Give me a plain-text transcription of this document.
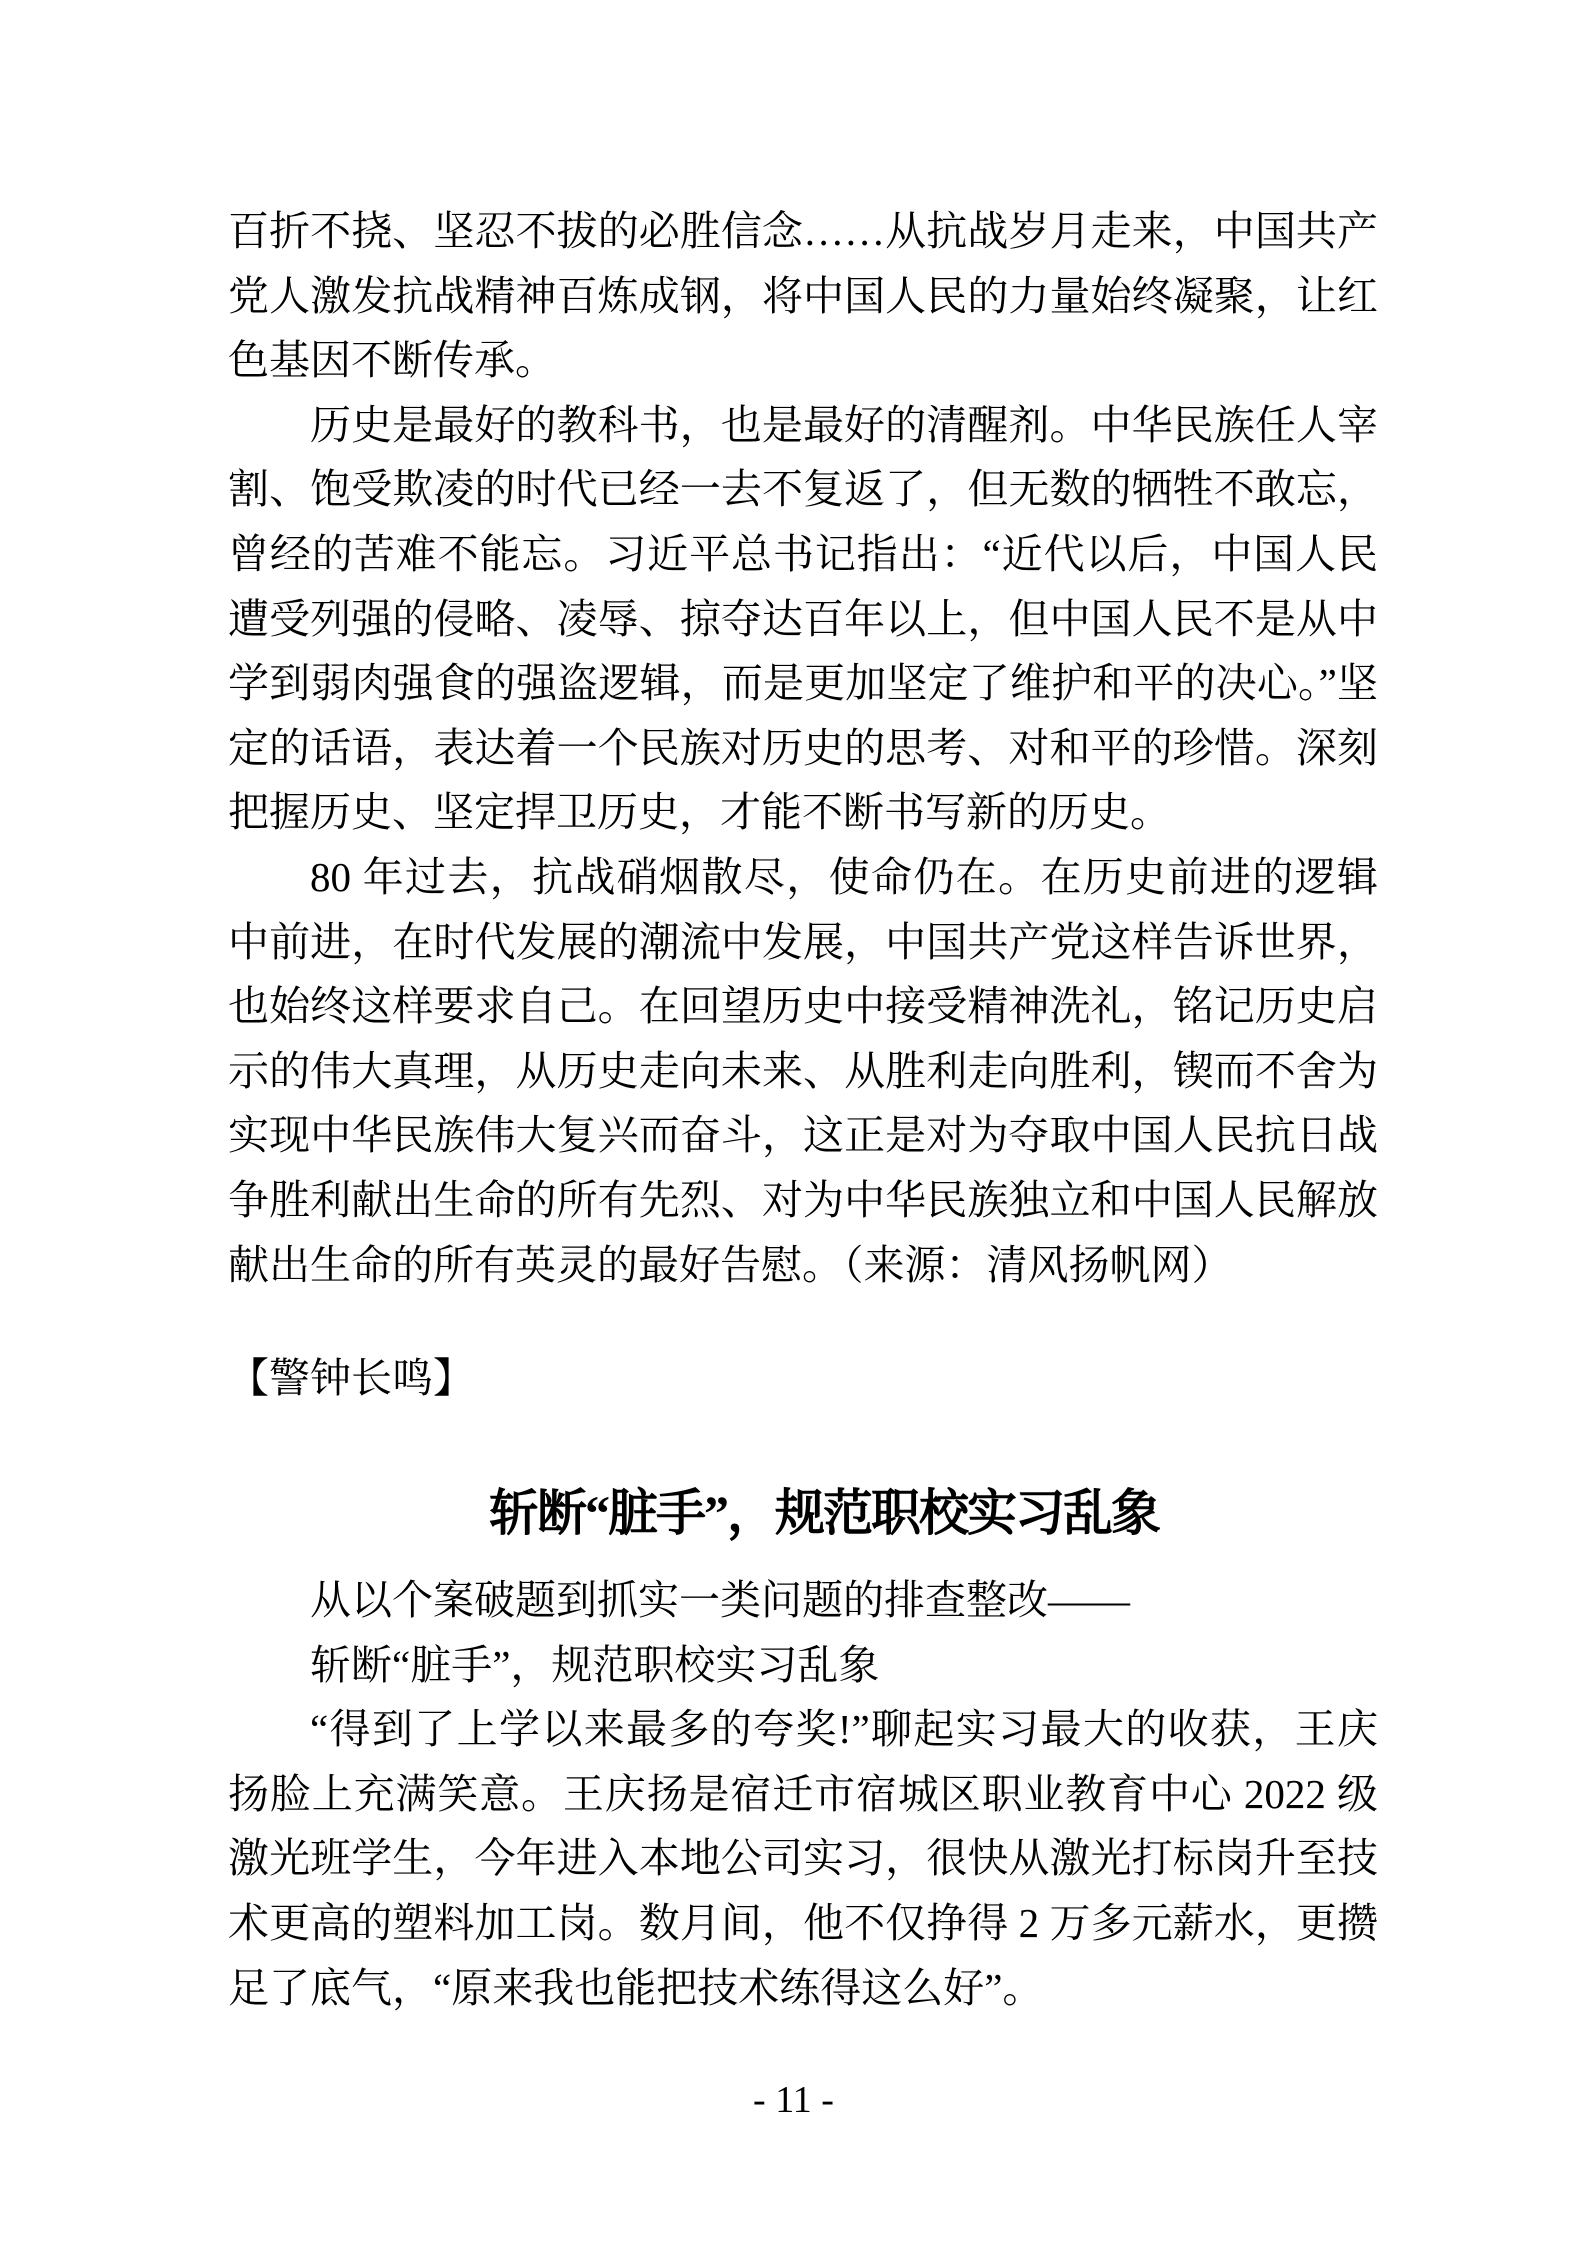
百折不挠、坚忍不拔的必胜信念……从抗战岁月走来，中国共产党人激发抗战精神百炼成钢，将中国人民的力量始终凝聚，让红色基因不断传承。

历史是最好的教科书，也是最好的清醒剂。中华民族任人宰割、饱受欺凌的时代已经一去不复返了，但无数的牺牲不敢忘，曾经的苦难不能忘。习近平总书记指出：“近代以后，中国人民遭受列强的侵略、凌辱、掠夺达百年以上，但中国人民不是从中学到弱肉强食的强盗逻辑，而是更加坚定了维护和平的决心。”坚定的话语，表达着一个民族对历史的思考、对和平的珍惜。深刻把握历史、坚定捍卫历史，才能不断书写新的历史。

80 年过去，抗战硝烟散尽，使命仍在。在历史前进的逻辑中前进，在时代发展的潮流中发展，中国共产党这样告诉世界，也始终这样要求自己。在回望历史中接受精神洗礼，铭记历史启示的伟大真理，从历史走向未来、从胜利走向胜利，锲而不舍为实现中华民族伟大复兴而奋斗，这正是对为夺取中国人民抗日战争胜利献出生命的所有先烈、对为中华民族独立和中国人民解放献出生命的所有英灵的最好告慰。（来源：清风扬帆网）

【警钟长鸣】
斩断“脏手”，规范职校实习乱象

从以个案破题到抓实一类问题的排查整改——

斩断“脏手”，规范职校实习乱象

“得到了上学以来最多的夸奖!”聊起实习最大的收获，王庆扬脸上充满笑意。王庆扬是宿迁市宿城区职业教育中心 2022 级激光班学生，今年进入本地公司实习，很快从激光打标岗升至技术更高的塑料加工岗。数月间，他不仅挣得 2 万多元薪水，更攒足了底气，“原来我也能把技术练得这么好”。

- 11 -
